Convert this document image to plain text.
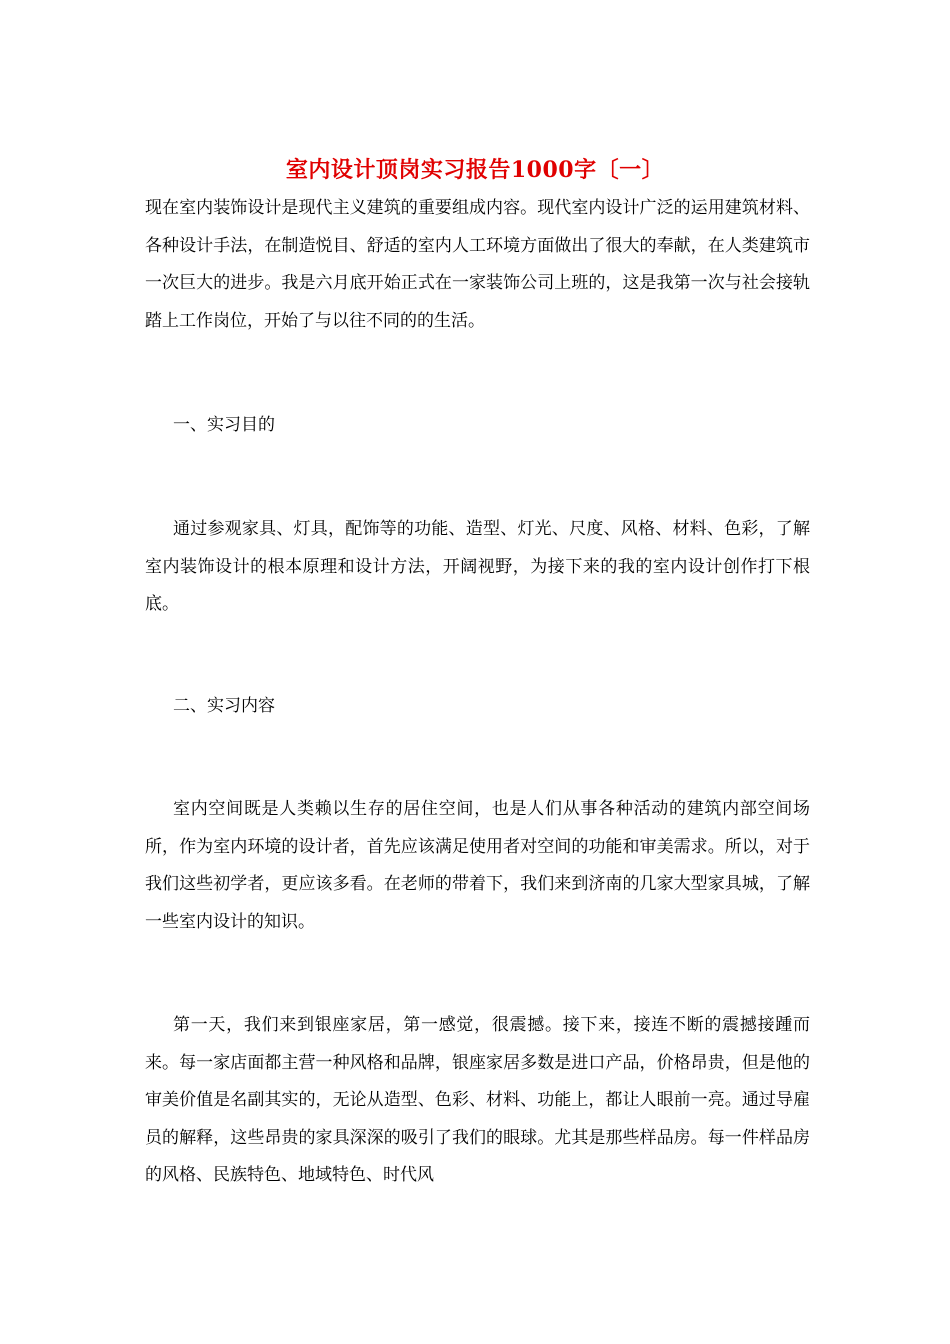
室内设计顶岗实习报告1000字〔一〕

现在室内装饰设计是现代主义建筑的重要组成内容。现代室内设计广泛的运用建筑材料、各种设计手法，在制造悦目、舒适的室内人工环境方面做出了很大的奉献，在人类建筑市一次巨大的进步。我是六月底开始正式在一家装饰公司上班的，这是我第一次与社会接轨踏上工作岗位，开始了与以往不同的的生活。

一、实习目的

通过参观家具、灯具，配饰等的功能、造型、灯光、尺度、风格、材料、色彩，了解室内装饰设计的根本原理和设计方法，开阔视野，为接下来的我的室内设计创作打下根底。

二、实习内容

室内空间既是人类赖以生存的居住空间，也是人们从事各种活动的建筑内部空间场所，作为室内环境的设计者，首先应该满足使用者对空间的功能和审美需求。所以，对于我们这些初学者，更应该多看。在老师的带着下，我们来到济南的几家大型家具城，了解一些室内设计的知识。

第一天，我们来到银座家居，第一感觉，很震撼。接下来，接连不断的震撼接踵而来。每一家店面都主营一种风格和品牌，银座家居多数是进口产品，价格昂贵，但是他的审美价值是名副其实的，无论从造型、色彩、材料、功能上，都让人眼前一亮。通过导雇员的解释，这些昂贵的家具深深的吸引了我们的眼球。尤其是那些样品房。每一件样品房的风格、民族特色、地域特色、时代风
